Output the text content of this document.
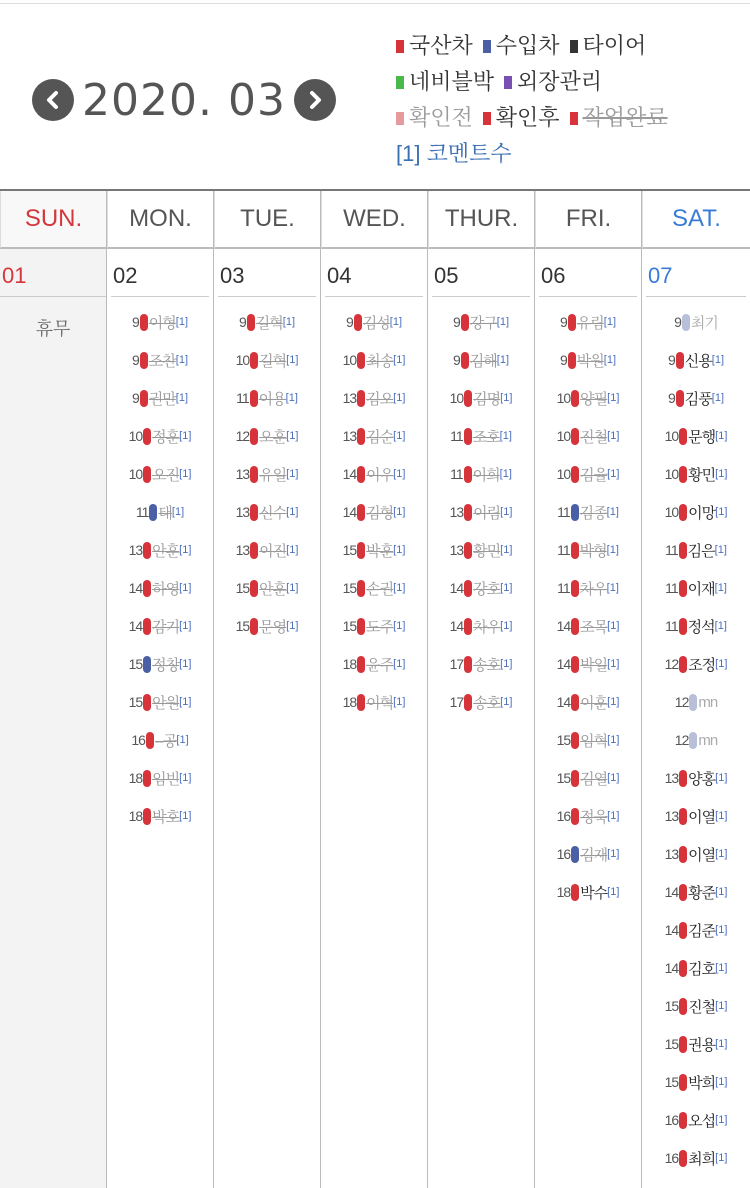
2020. 03
국산차 수입차 타이어
네비블박 외장관리
확인전 확인후 작업완료
[1] 코멘트수
SUN.
01
휴무
MON.
02
9 이형 [1]
9 조찬 [1]
9 권만 [1]
10 정훈 [1]
10 오진 [1]
11 태 [1]
13 안훈 [1]
14 하영 [1]
14 감기 [1]
15 정창 [1]
15 안원 [1]
16 --공 [1]
18 임빈 [1]
18 박호 [1]
TUE.
03
9 길혁 [1]
10 길혁 [1]
11 이용 [1]
12 오훈 [1]
13 유일 [1]
13 신수 [1]
13 이진 [1]
15 안훈 [1]
15 문영 [1]
WED.
04
9 김성 [1]
10 최송 [1]
13 김오 [1]
13 김순 [1]
14 이우 [1]
14 김형 [1]
15 박훈 [1]
15 손권 [1]
15 도주 [1]
18 윤주 [1]
18 이혁 [1]
THUR.
05
9 강구 [1]
9 김해 [1]
10 김명 [1]
11 조호 [1]
11 이희 [1]
13 이림 [1]
13 황민 [1]
14 강호 [1]
14 차우 [1]
17 송호 [1]
17 송호 [1]
FRI.
06
9 유림 [1]
9 박원 [1]
10 양필 [1]
10 진철 [1]
10 김율 [1]
11 김종 [1]
11 박형 [1]
11 차우 [1]
14 조목 [1]
14 박일 [1]
14 이훈 [1]
15 임혁 [1]
15 김열 [1]
16 정욱 [1]
16 김재 [1]
18 박수 [1]
SAT.
07
9 최기
9 신용 [1]
9 김풍 [1]
10 문행 [1]
10 황민 [1]
10 이망 [1]
11 김은 [1]
11 이재 [1]
11 정석 [1]
12 조정 [1]
12 mn
12 mn
13 양홍 [1]
13 이열 [1]
13 이열 [1]
14 황준 [1]
14 김준 [1]
14 김호 [1]
15 진철 [1]
15 권용 [1]
15 박희 [1]
16 오섭 [1]
16 최희 [1]
